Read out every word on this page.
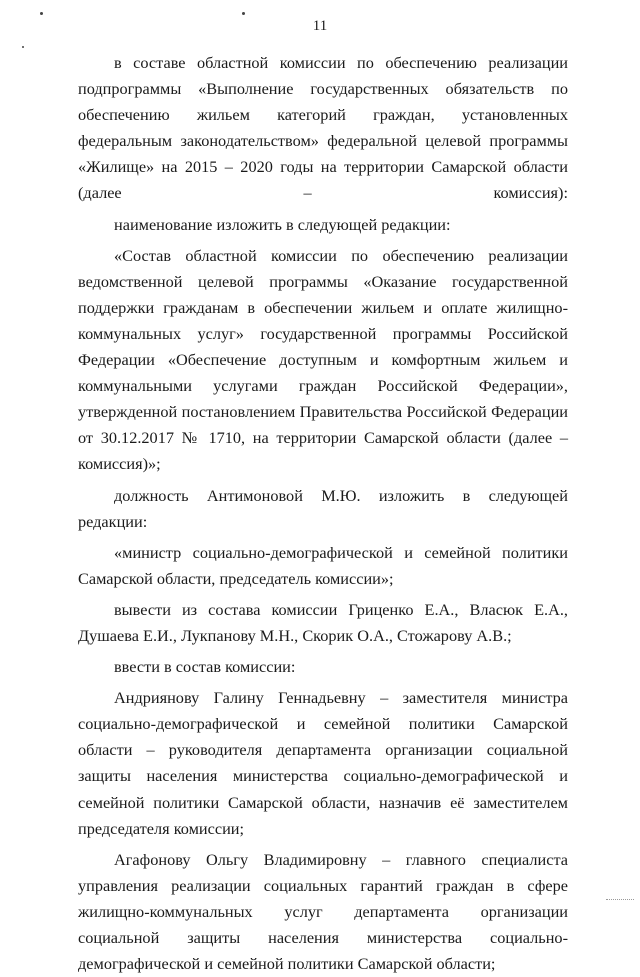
11

в составе областной комиссии по обеспечению реализации подпрограммы «Выполнение государственных обязательств по обеспечению жильем категорий граждан, установленных федеральным законодательством» федеральной целевой программы «Жилище» на 2015 – 2020 годы на территории Самарской области (далее – комиссия):

наименование изложить в следующей редакции:

«Состав областной комиссии по обеспечению реализации ведомственной целевой программы «Оказание государственной поддержки гражданам в обеспечении жильем и оплате жилищно-коммунальных услуг» государственной программы Российской Федерации «Обеспечение доступным и комфортным жильем и коммунальными услугами граждан Российской Федерации», утвержденной постановлением Правительства Российской Федерации от 30.12.2017 № 1710, на территории Самарской области (далее – комиссия)»;

должность Антимоновой М.Ю. изложить в следующей редакции:

«министр социально-демографической и семейной политики Самарской области, председатель комиссии»;

вывести из состава комиссии Гриценко Е.А., Власюк Е.А., Душаева Е.И., Лукпанову М.Н., Скорик О.А., Стожарову А.В.;

ввести в состав комиссии:

Андриянову Галину Геннадьевну – заместителя министра социально-демографической и семейной политики Самарской области – руководителя департамента организации социальной защиты населения министерства социально-демографической и семейной политики Самарской области, назначив её заместителем председателя комиссии;

Агафонову Ольгу Владимировну – главного специалиста управления реализации социальных гарантий граждан в сфере жилищно-коммунальных услуг департамента организации социальной защиты населения министерства социально-демографической и семейной политики Самарской области;
